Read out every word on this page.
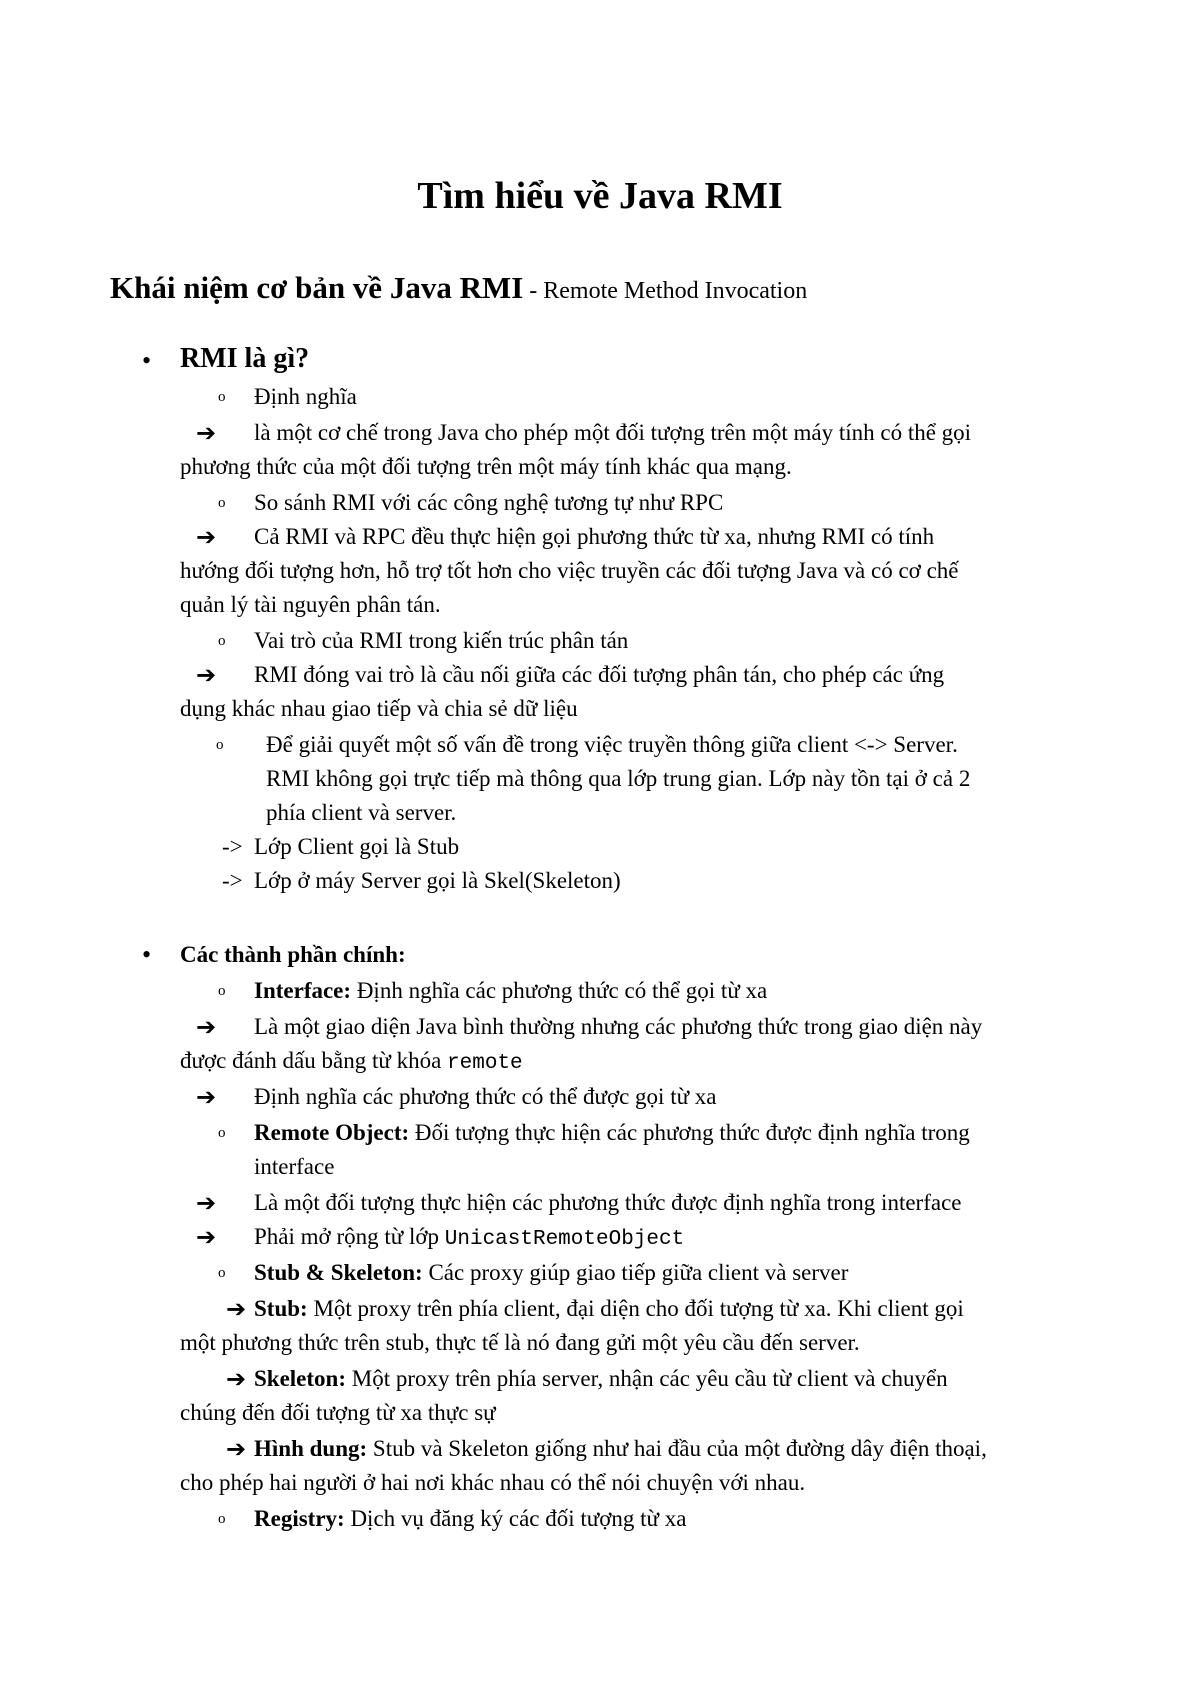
Tìm hiểu về Java RMI
Khái niệm cơ bản về Java RMI - Remote Method Invocation
• RMI là gì?
o Định nghĩa
➔ là một cơ chế trong Java cho phép một đối tượng trên một máy tính có thể gọi
phương thức của một đối tượng trên một máy tính khác qua mạng.
o So sánh RMI với các công nghệ tương tự như RPC
➔ Cả RMI và RPC đều thực hiện gọi phương thức từ xa, nhưng RMI có tính
hướng đối tượng hơn, hỗ trợ tốt hơn cho việc truyền các đối tượng Java và có cơ chế
quản lý tài nguyên phân tán.
o Vai trò của RMI trong kiến trúc phân tán
➔ RMI đóng vai trò là cầu nối giữa các đối tượng phân tán, cho phép các ứng
dụng khác nhau giao tiếp và chia sẻ dữ liệu
o Để giải quyết một số vấn đề trong việc truyền thông giữa client <-> Server.
RMI không gọi trực tiếp mà thông qua lớp trung gian. Lớp này tồn tại ở cả 2
phía client và server.
-> Lớp Client gọi là Stub
-> Lớp ở máy Server gọi là Skel(Skeleton)
• Các thành phần chính:
o Interface: Định nghĩa các phương thức có thể gọi từ xa
➔ Là một giao diện Java bình thường nhưng các phương thức trong giao diện này
được đánh dấu bằng từ khóa remote
➔ Định nghĩa các phương thức có thể được gọi từ xa
o Remote Object: Đối tượng thực hiện các phương thức được định nghĩa trong
interface
➔ Là một đối tượng thực hiện các phương thức được định nghĩa trong interface
➔ Phải mở rộng từ lớp UnicastRemoteObject
o Stub & Skeleton: Các proxy giúp giao tiếp giữa client và server
➔ Stub: Một proxy trên phía client, đại diện cho đối tượng từ xa. Khi client gọi
một phương thức trên stub, thực tế là nó đang gửi một yêu cầu đến server.
➔ Skeleton: Một proxy trên phía server, nhận các yêu cầu từ client và chuyển
chúng đến đối tượng từ xa thực sự
➔ Hình dung: Stub và Skeleton giống như hai đầu của một đường dây điện thoại,
cho phép hai người ở hai nơi khác nhau có thể nói chuyện với nhau.
o Registry: Dịch vụ đăng ký các đối tượng từ xa
